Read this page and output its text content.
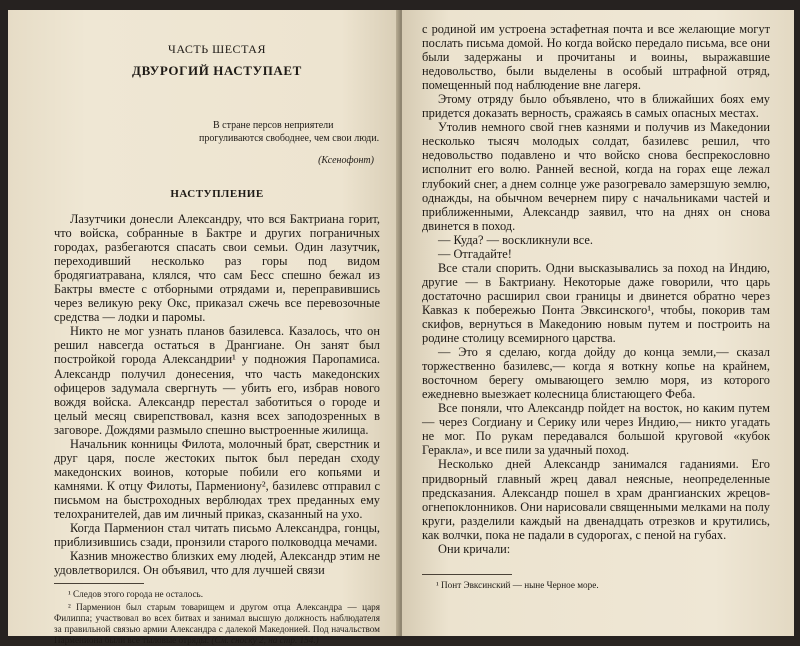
ЧАСТЬ ШЕСТАЯ
ДВУРОГИЙ НАСТУПАЕТ
В стране персов неприятели прогуливаются свободнее, чем свои люди.
(Ксенофонт)
НАСТУПЛЕНИЕ

Лазутчики донесли Александру, что вся Бактриана горит, что войска, собранные в Бактре и других пограничных городах, разбегаются спасать свои семьи. Один лазутчик, переходивший несколько раз горы под видом бродягиатравана, клялся, что сам Бесс спешно бежал из Бактры вместе с отборными отрядами и, переправившись через великую реку Окс, приказал сжечь все перевозочные средства — лодки и паромы.

Никто не мог узнать планов базилевса. Казалось, что он решил навсегда остаться в Дрангиане. Он занят был постройкой города Александрии¹ у подножия Паропамиса. Александр получил донесения, что часть македонских офицеров задумала свергнуть — убить его, избрав нового вождя войска. Александр перестал заботиться о городе и целый месяц свирепствовал, казня всех заподозренных в заговоре. Дождями размыло спешно выстроенные жилища.

Начальник конницы Филота, молочный брат, сверстник и друг царя, после жестоких пыток был передан сходу македонских воинов, которые побили его копьями и камнями. К отцу Филоты, Пармениону², базилевс отправил с письмом на быстроходных верблюдах трех преданных ему телохранителей, дав им личный приказ, сказанный на ухо.

Когда Парменион стал читать письмо Александра, гонцы, приблизившись сзади, пронзили старого полководца мечами.

Казнив множество близких ему людей, Александр этим не удовлетворился. Он объявил, что для лучшей связи

¹ Следов этого города не осталось.

² Парменион был старым товарищем и другом отца Александра — царя Филиппа; участвовал во всех битвах и занимал высшую должность наблюдателя за правильной связью армии Александра с далекой Македонией. Под начальством Пармениона были все тыловые отряды. (См. сноску 2, на стр. 154.)

с родиной им устроена эстафетная почта и все желающие могут послать письма домой. Но когда войско передало письма, все они были задержаны и прочитаны и воины, выражавшие недовольство, были выделены в особый штрафной отряд, помещенный под наблюдение вне лагеря.

Этому отряду было объявлено, что в ближайших боях ему придется доказать верность, сражаясь в самых опасных местах.

Утолив немного свой гнев казнями и получив из Македонии несколько тысяч молодых солдат, базилевс решил, что недовольство подавлено и что войско снова беспрекословно исполнит его волю. Ранней весной, когда на горах еще лежал глубокий снег, а днем солнце уже разогревало замерзшую землю, однажды, на обычном вечернем пиру с начальниками частей и приближенными, Александр заявил, что на днях он снова двинется в поход.

— Куда? — воскликнули все.

— Отгадайте!

Все стали спорить. Одни высказывались за поход на Индию, другие — в Бактриану. Некоторые даже говорили, что царь достаточно расширил свои границы и двинется обратно через Кавказ к побережью Понта Эвксинского¹, чтобы, покорив там скифов, вернуться в Македонию новым путем и построить на родине столицу всемирного царства.

— Это я сделаю, когда дойду до конца земли,— сказал торжественно базилевс,— когда я воткну копье на крайнем, восточном берегу омывающего землю моря, из которого ежедневно выезжает колесница блистающего Феба.

Все поняли, что Александр пойдет на восток, но каким путем — через Согдиану и Серику или через Индию,— никто угадать не мог. По рукам передавался большой круговой «кубок Геракла», и все пили за удачный поход.

Несколько дней Александр занимался гаданиями. Его придворный главный жрец давал неясные, неопределенные предсказания. Александр пошел в храм дрангианских жрецов-огнепоклонников. Они нарисовали священными мелками на полу круги, разделили каждый на двенадцать отрезков и крутились, как волчки, пока не падали в судорогах, с пеной на губах.

Они кричали:

¹ Понт Эвксинский — ныне Черное море.
